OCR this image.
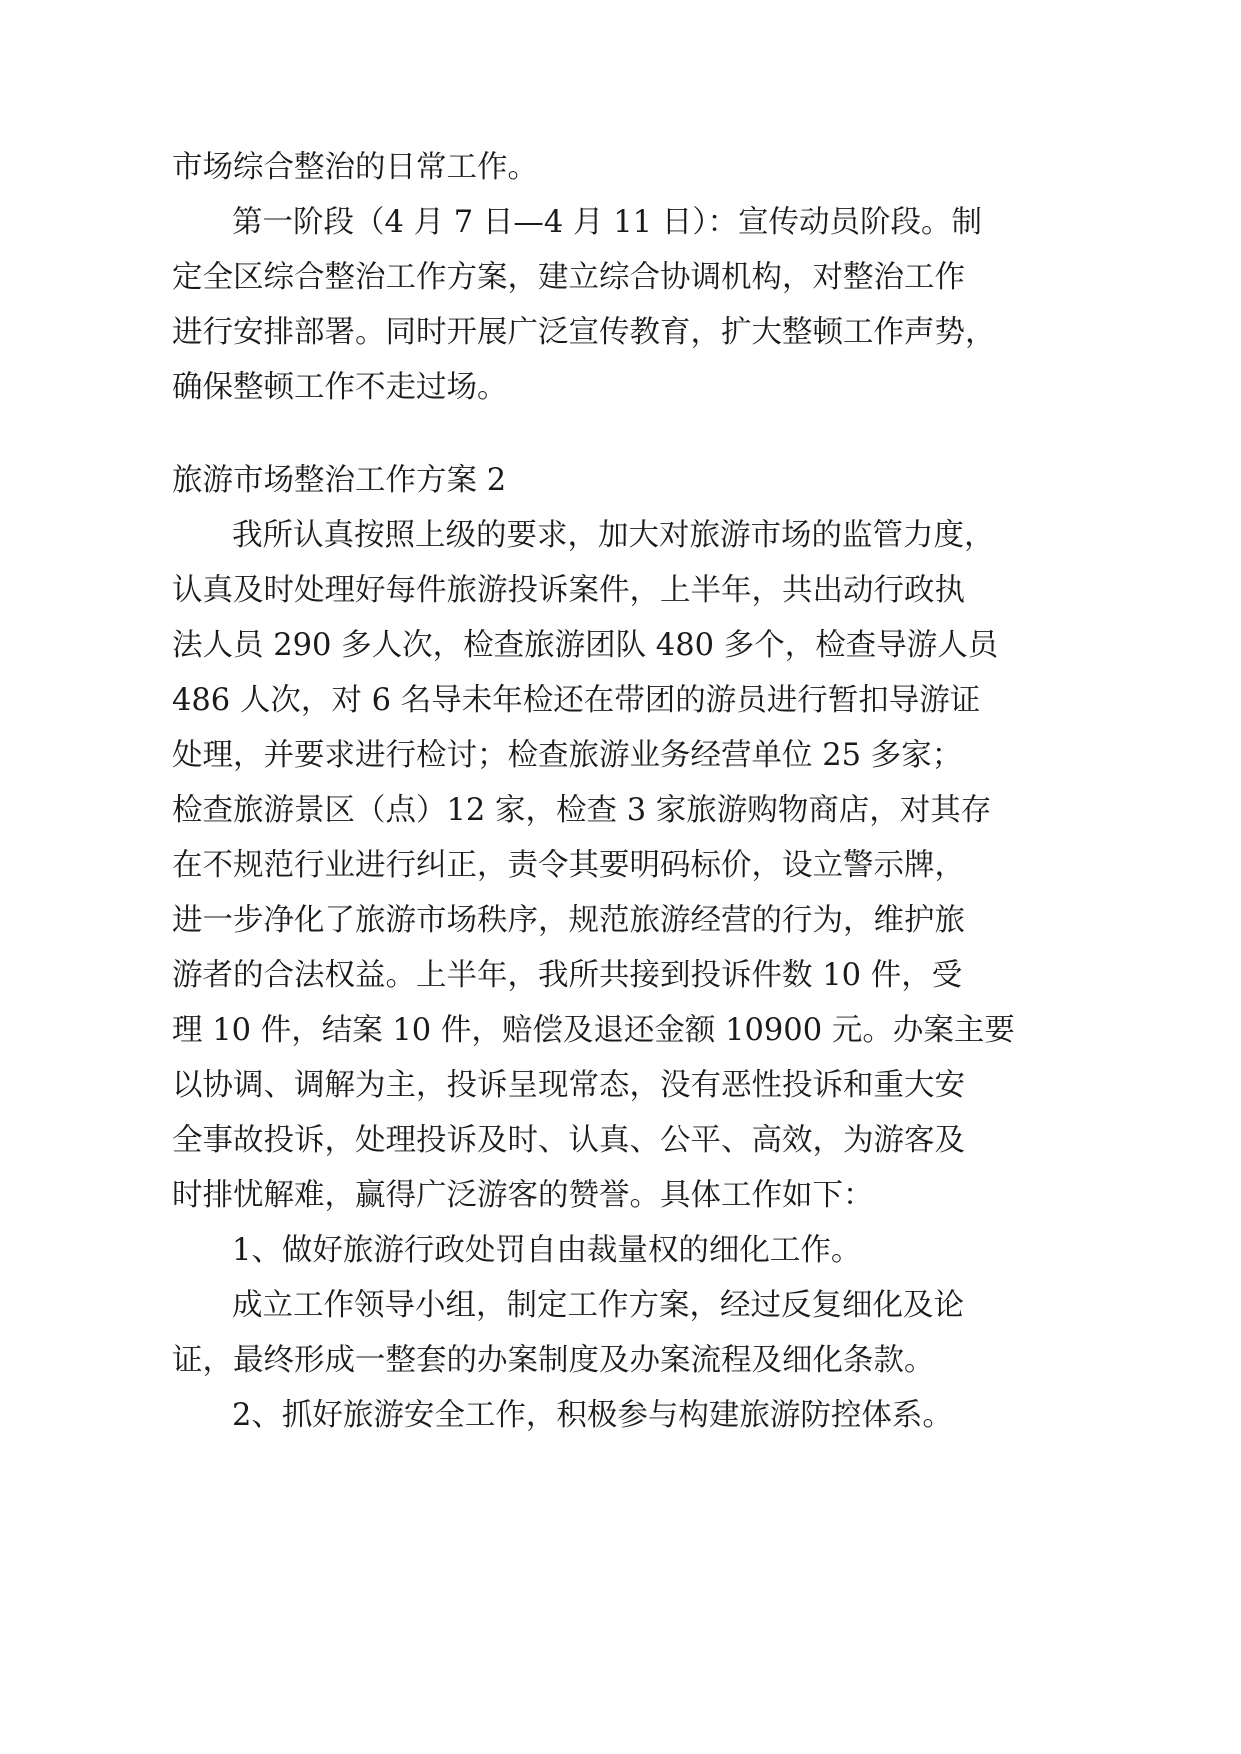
市场综合整治的日常工作。

第一阶段（4 月 7 日—4 月 11 日）：宣传动员阶段。制

定全区综合整治工作方案，建立综合协调机构，对整治工作

进行安排部署。同时开展广泛宣传教育，扩大整顿工作声势，

确保整顿工作不走过场。

旅游市场整治工作方案 2

我所认真按照上级的要求，加大对旅游市场的监管力度，

认真及时处理好每件旅游投诉案件，上半年，共出动行政执

法人员 290 多人次，检查旅游团队 480 多个，检查导游人员

486 人次，对 6 名导未年检还在带团的游员进行暂扣导游证

处理，并要求进行检讨；检查旅游业务经营单位 25 多家；

检查旅游景区（点）12 家，检查 3 家旅游购物商店，对其存

在不规范行业进行纠正，责令其要明码标价，设立警示牌，

进一步净化了旅游市场秩序，规范旅游经营的行为，维护旅

游者的合法权益。上半年，我所共接到投诉件数 10 件，受

理 10 件，结案 10 件，赔偿及退还金额 10900 元。办案主要

以协调、调解为主，投诉呈现常态，没有恶性投诉和重大安

全事故投诉，处理投诉及时、认真、公平、高效，为游客及

时排忧解难，赢得广泛游客的赞誉。具体工作如下：

1、做好旅游行政处罚自由裁量权的细化工作。

成立工作领导小组，制定工作方案，经过反复细化及论

证，最终形成一整套的办案制度及办案流程及细化条款。

2、抓好旅游安全工作，积极参与构建旅游防控体系。
